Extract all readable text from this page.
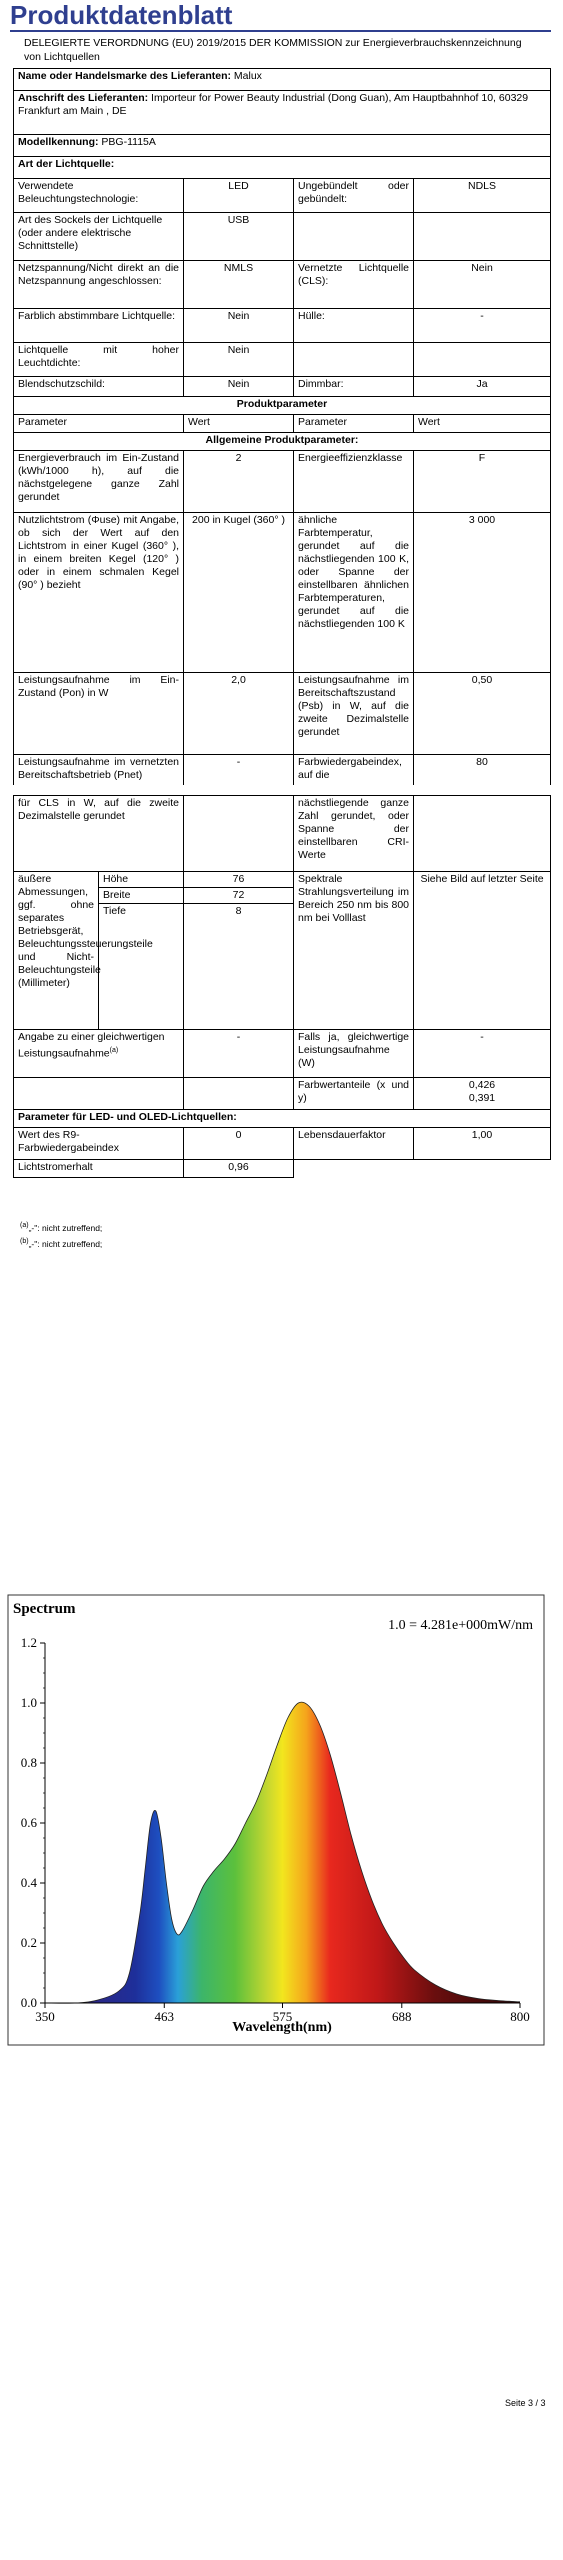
Produktdatenblatt
DELEGIERTE VERORDNUNG (EU) 2019/2015 DER KOMMISSION zur Energieverbrauchskennzeichnung von Lichtquellen
Name oder Handelsmarke des Lieferanten: Malux			
Anschrift des Lieferanten: Importeur for Power Beauty Industrial (Dong Guan), Am Hauptbahnhof 10, 60329 Frankfurt am Main , DE			
Modellkennung: PBG-1115A			
Art der Lichtquelle:			
Verwendete Beleuchtungstechnologie:	LED	Ungebündelt oder gebündelt:	NDLS
Art des Sockels der Lichtquelle (oder andere elektrische Schnittstelle)	USB		
Netzspannung/Nicht direkt an die Netzspannung angeschlossen:	NMLS	Vernetzte Lichtquelle (CLS):	Nein
Farblich abstimmbare Lichtquelle:	Nein	Hülle:	-
Lichtquelle mit hoher Leuchtdichte:	Nein		
Blendschutzschild:	Nein	Dimmbar:	Ja
Produktparameter			
Parameter	Wert	Parameter	Wert
Allgemeine Produktparameter:			
Energieverbrauch im Ein-Zustand (kWh/1000 h), auf die nächstgelegene ganze Zahl gerundet	2	Energieeffizienzklasse	F
Nutzlichtstrom (Φuse) mit Angabe, ob sich der Wert auf den Lichtstrom in einer Kugel (360° ), in einem breiten Kegel (120° ) oder in einem schmalen Kegel (90° ) bezieht	200 in Kugel (360° )	ähnliche Farbtemperatur, gerundet auf die nächstliegenden 100 K, oder Spanne der einstellbaren ähnlichen Farbtemperaturen, gerundet auf die nächstliegenden 100 K	3 000
Leistungsaufnahme im Ein-Zustand (Pon) in W	2,0	Leistungsaufnahme im Bereitschaftszustand (Psb) in W, auf die zweite Dezimalstelle gerundet	0,50
Leistungsaufnahme im vernetzten Bereitschaftsbetrieb (Pnet)	-	Farbwiedergabeindex, auf die	80
für CLS in W, auf die zweite Dezimalstelle gerundet			nächstliegende ganze Zahl gerundet, oder Spanne der einstellbaren CRI-Werte	
äußere Abmessungen, ggf. ohne separates Betriebsgerät, Beleuchtungssteuerungsteile und Nicht-Beleuchtungsteile (Millimeter)	Höhe	76	Spektrale Strahlungsverteilung im Bereich 250 nm bis 800 nm bei Volllast	Siehe Bild auf letzter Seite
	Breite	72		
	Tiefe	8		
Angabe zu einer gleichwertigen Leistungsaufnahme$^{(a)}$		-	Falls ja, gleichwertige Leistungsaufnahme (W)	-
			Farbwertanteile (x und y)	0,426
0,391

Parameter für LED- und OLED-Lichtquellen:				
Wert des R9-Farbwiedergabeindex		0	Lebensdauerfaktor	1,00
Lichtstromerhalt		0,96		
$^{(a)}$„-": nicht zutreffend;
$^{(b)}$„-": nicht zutreffend;
Spectrum
1.0 = 4.281e+000mW/nm
0.0
0.2
0.4
0.6
0.8
1.0
1.2
350	463	575	688	800
Wavelength(nm)
Seite 3 / 3
